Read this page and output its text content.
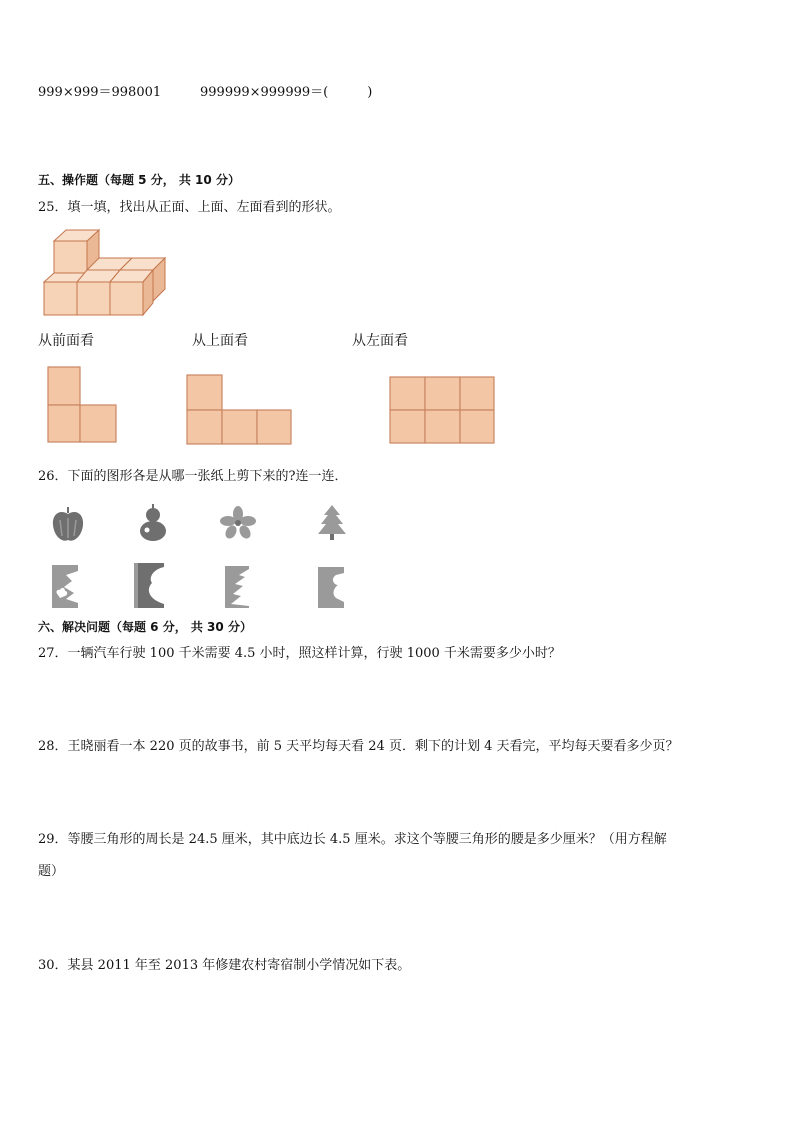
999×999＝998001	999999×999999＝(　　　)
五、操作题（每题 5 分， 共 10 分）
25．填一填，找出从正面、上面、左面看到的形状。
从前面看	从上面看	从左面看
26．下面的图形各是从哪一张纸上剪下来的?连一连．
六、解决问题（每题 6 分， 共 30 分）
27．一辆汽车行驶 100 千米需要 4.5 小时，照这样计算，行驶 1000 千米需要多少小时？
28．王晓丽看一本 220 页的故事书，前 5 天平均每天看 24 页．剩下的计划 4 天看完，平均每天要看多少页？
29．等腰三角形的周长是 24.5 厘米，其中底边长 4.5 厘米。求这个等腰三角形的腰是多少厘米？（用方程解
题）
30．某县 2011 年至 2013 年修建农村寄宿制小学情况如下表。
